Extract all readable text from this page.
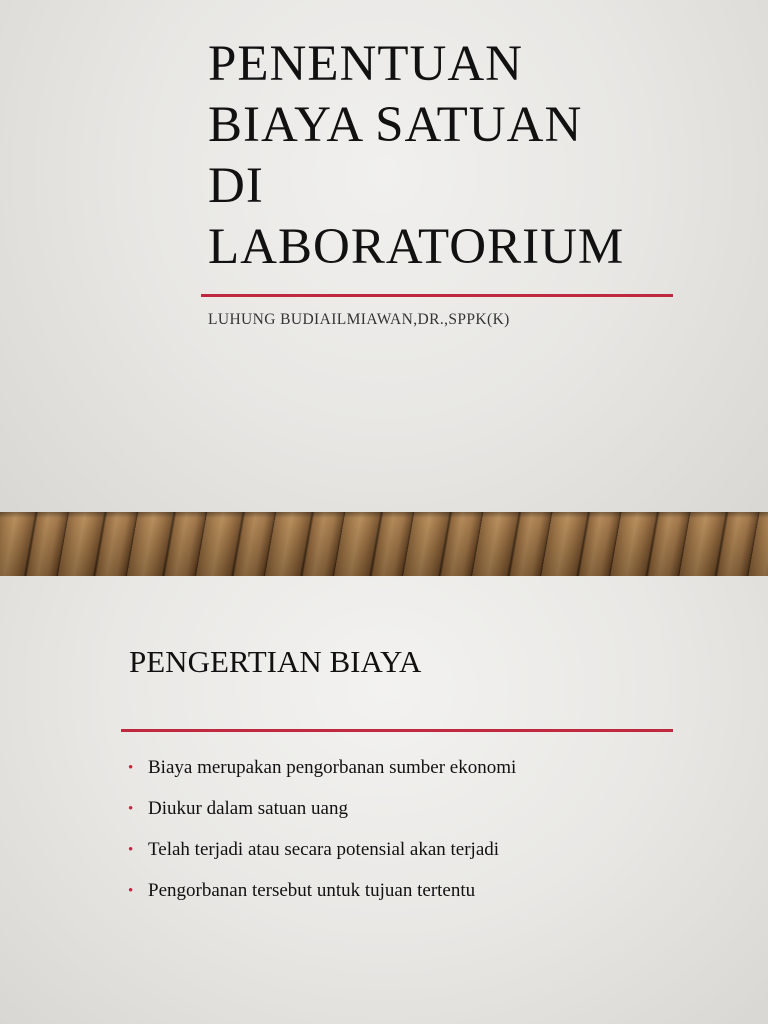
PENENTUAN
BIAYA SATUAN
DI
LABORATORIUM
LUHUNG BUDIAILMIAWAN,DR.,SPPK(K)
PENGERTIAN BIAYA
• Biaya merupakan pengorbanan sumber ekonomi
• Diukur dalam satuan uang
• Telah terjadi atau secara potensial akan terjadi
• Pengorbanan tersebut untuk tujuan tertentu
